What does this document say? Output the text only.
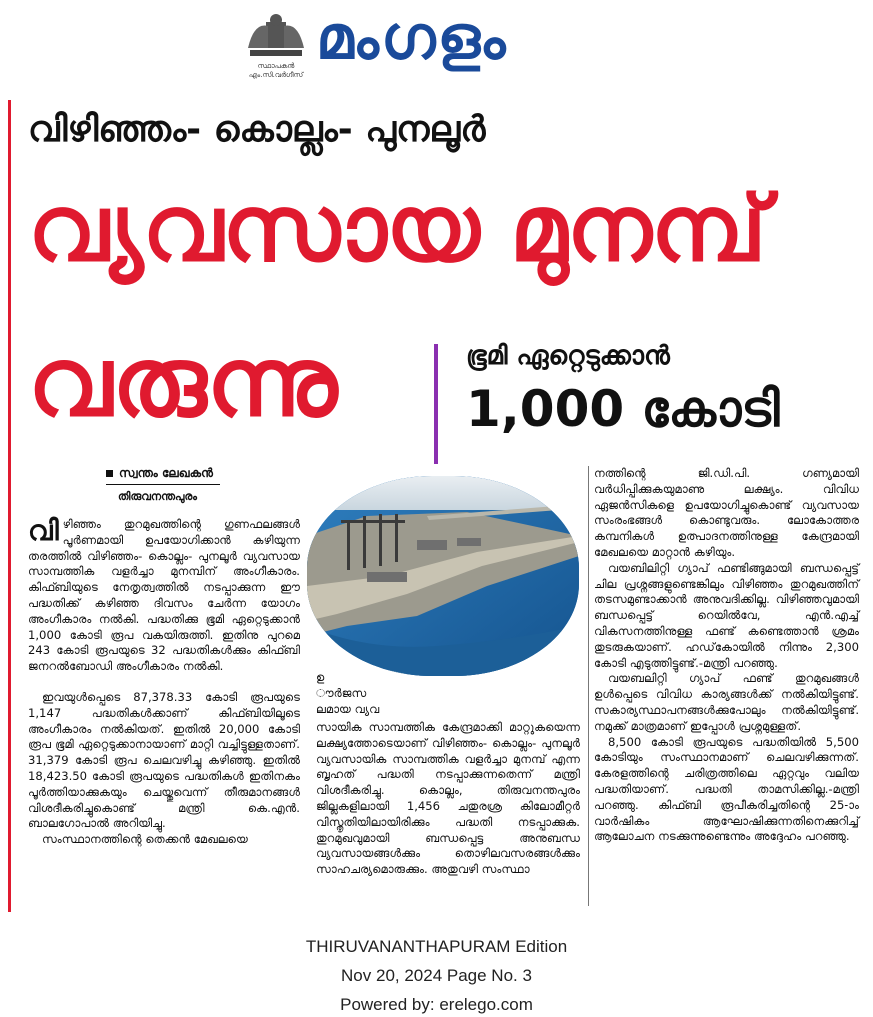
സ്ഥാപകൻ എം.സി.വർഗീസ്
മംഗളം
വിഴിഞ്ഞം- കൊല്ലം- പുനലൂർ
വ്യവസായ മുനമ്പ്
വരുന്നു	ഭൂമി ഏറ്റെടുക്കാൻ
1,000 കോടി
സ്വന്തം ലേഖകൻ
തിരുവനന്തപുരം

വിഴിഞ്ഞം തുറമുഖത്തിന്റെ ഗുണഫലങ്ങൾ പൂർണമായി ഉപയോഗിക്കാൻ കഴിയുന്ന തരത്തിൽ വിഴിഞ്ഞം- കൊല്ലം- പുനലൂർ വ്യവസായ സാമ്പത്തിക വളർച്ചാ മുനമ്പിന് അംഗീകാരം. കിഫ്ബിയുടെ നേതൃത്വത്തിൽ നടപ്പാക്കുന്ന ഈ പദ്ധതിക്ക് കഴിഞ്ഞ ദിവസം ചേർന്ന യോഗം അംഗീകാരം നൽകി. പദ്ധതിക്കു ഭൂമി ഏറ്റെടുക്കാൻ 1,000 കോടി രൂപ വകയിരുത്തി. ഇതിനു പുറമെ 243 കോടി രൂപയുടെ 32 പദ്ധതികൾക്കും കിഫ്ബി ജനറൽബോഡി അംഗീകാരം നൽകി.

ഇവയുൾപ്പെടെ 87,378.33 കോടി രൂപയുടെ 1,147 പദ്ധതികൾക്കാണ് കിഫ്ബിയിലൂടെ അംഗീകാരം നൽകിയത്. ഇതിൽ 20,000 കോടി രൂപ ഭൂമി ഏറ്റെടുക്കാനായാണ് മാറ്റി വച്ചിട്ടുള്ളതാണ്. 31,379 കോടി രൂപ ചെലവഴിച്ചു കഴിഞ്ഞു. ഇതിൽ 18,423.50 കോടി രൂപയുടെ പദ്ധതികൾ ഇതിനകം പൂർത്തിയാക്കുകയും ചെയ്തുവെന്ന് തീരുമാനങ്ങൾ വിശദീകരിച്ചുകൊണ്ട് മന്ത്രി കെ.എൻ. ബാലഗോപാൽ അറിയിച്ചു.

സംസ്ഥാനത്തിന്റെ തെക്കൻ മേഖലയെ

ഉ
ൗർജസ
ലമായ വ്യവ

സായിക സാമ്പത്തിക കേന്ദ്രമാക്കി മാറ്റുകയെന്ന ലക്ഷ്യത്തോടെയാണ് വിഴിഞ്ഞം- കൊല്ലം- പുനലൂർ വ്യവസായിക സാമ്പത്തിക വളർച്ചാ മുനമ്പ് എന്ന ബൃഹത് പദ്ധതി നടപ്പാക്കുന്നതെന്ന് മന്ത്രി വിശദീകരിച്ചു. കൊല്ലം, തിരുവനന്തപുരം ജില്ലകളിലായി 1,456 ചതുരശ്ര കിലോമീറ്റർ വിസ്തൃതിയിലായിരിക്കും പദ്ധതി നടപ്പാക്കുക. തുറമുഖവുമായി ബന്ധപ്പെട്ട അനുബന്ധ വ്യവസായങ്ങൾക്കും തൊഴിലവസരങ്ങൾക്കും സാഹചര്യമൊരുക്കും. അതുവഴി സംസ്ഥാ

നത്തിന്റെ ജി.ഡി.പി. ഗണ്യമായി വർധിപ്പിക്കുകയുമാണു ലക്ഷ്യം. വിവിധ ഏജൻസികളെ ഉപയോഗിച്ചുകൊണ്ട് വ്യവസായ സംരംഭങ്ങൾ കൊണ്ടുവരും. ലോകോത്തര കമ്പനികൾ ഉത്പാദനത്തിനുള്ള കേന്ദ്രമായി മേഖലയെ മാറ്റാൻ കഴിയും.

വയബിലിറ്റി ഗ്യാപ് ഫണ്ടിങ്ങുമായി ബന്ധപ്പെട്ട് ചില പ്രശ്നങ്ങളുണ്ടെങ്കിലും വിഴിഞ്ഞം തുറമുഖത്തിന് തടസമുണ്ടാക്കാൻ അനുവദിക്കില്ല. വിഴിഞ്ഞവുമായി ബന്ധപ്പെട്ട് റെയിൽവേ, എൻ.എച്ച് വികസനത്തിനുള്ള ഫണ്ട് കണ്ടെത്താൻ ശ്രമം തുടരുകയാണ്. ഹഡ്‌കോയിൽ നിന്നും 2,300 കോടി എടുത്തിട്ടുണ്ട്.-മന്ത്രി പറഞ്ഞു.

വയബലിറ്റി ഗ്യാപ് ഫണ്ട് തുറമുഖങ്ങൾ ഉൾപ്പെടെ വിവിധ കാര്യങ്ങൾക്ക് നൽകിയിട്ടുണ്ട്. സകാര്യസ്ഥാപനങ്ങൾക്കുപോലും നൽകിയിട്ടുണ്ട്. നമുക്ക് മാത്രമാണ് ഇപ്പോൾ പ്രശ്നമുള്ളത്.

8,500 കോടി രൂപയുടെ പദ്ധതിയിൽ 5,500 കോടിയും സംസ്ഥാനമാണ് ചെലവഴിക്കുന്നത്. കേരളത്തിന്റെ ചരിത്രത്തിലെ ഏറ്റവും വലിയ പദ്ധതിയാണ്. പദ്ധതി താമസിക്കില്ല.-മന്ത്രി പറഞ്ഞു. കിഫ്ബി രൂപീകരിച്ചതിന്റെ 25-ാം വാർഷികം ആഘോഷിക്കുന്നതിനെക്കുറിച്ച് ആലോചന നടക്കുന്നുണ്ടെന്നും അദ്ദേഹം പറഞ്ഞു.

THIRUVANANTHAPURAM Edition
Nov 20, 2024 Page No. 3
Powered by: erelego.com
